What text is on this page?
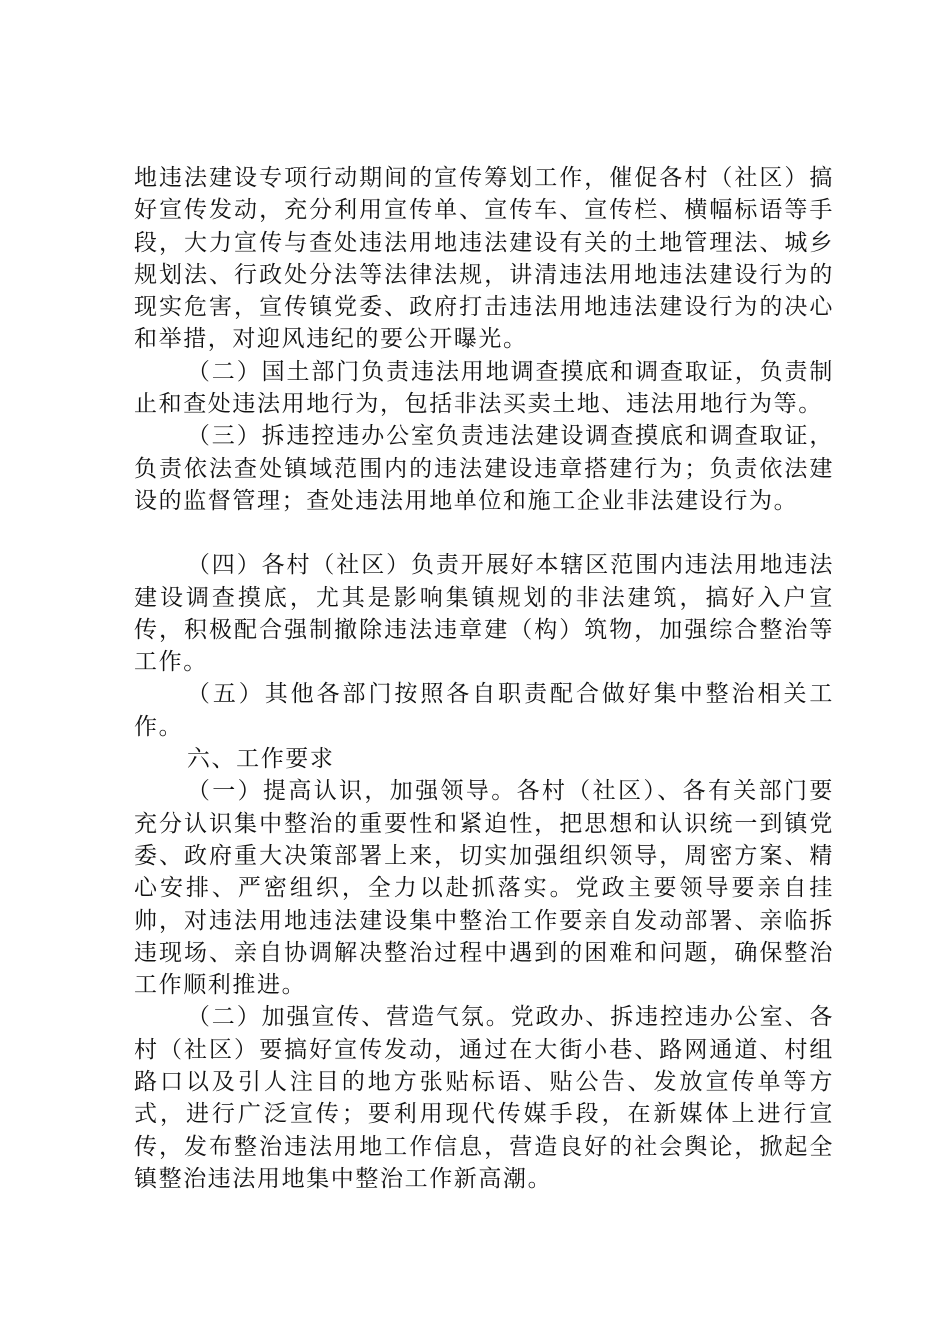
地违法建设专项行动期间的宣传筹划工作，催促各村（社区）搞好宣传发动，充分利用宣传单、宣传车、宣传栏、横幅标语等手段，大力宣传与查处违法用地违法建设有关的土地管理法、城乡规划法、行政处分法等法律法规，讲清违法用地违法建设行为的现实危害，宣传镇党委、政府打击违法用地违法建设行为的决心和举措，对迎风违纪的要公开曝光。

（二）国土部门负责违法用地调查摸底和调查取证，负责制止和查处违法用地行为，包括非法买卖土地、违法用地行为等。

（三）拆违控违办公室负责违法建设调查摸底和调查取证，负责依法查处镇域范围内的违法建设违章搭建行为；负责依法建设的监督管理；查处违法用地单位和施工企业非法建设行为。

（四）各村（社区）负责开展好本辖区范围内违法用地违法建设调查摸底，尤其是影响集镇规划的非法建筑，搞好入户宣传，积极配合强制撤除违法违章建（构）筑物，加强综合整治等工作。

（五）其他各部门按照各自职责配合做好集中整治相关工作。

六、工作要求

（一）提高认识，加强领导。各村（社区）、各有关部门要充分认识集中整治的重要性和紧迫性，把思想和认识统一到镇党委、政府重大决策部署上来，切实加强组织领导，周密方案、精心安排、严密组织，全力以赴抓落实。党政主要领导要亲自挂帅，对违法用地违法建设集中整治工作要亲自发动部署、亲临拆违现场、亲自协调解决整治过程中遇到的困难和问题，确保整治工作顺利推进。

（二）加强宣传、营造气氛。党政办、拆违控违办公室、各村（社区）要搞好宣传发动，通过在大街小巷、路网通道、村组路口以及引人注目的地方张贴标语、贴公告、发放宣传单等方式，进行广泛宣传；要利用现代传媒手段，在新媒体上进行宣传，发布整治违法用地工作信息，营造良好的社会舆论，掀起全镇整治违法用地集中整治工作新高潮。
